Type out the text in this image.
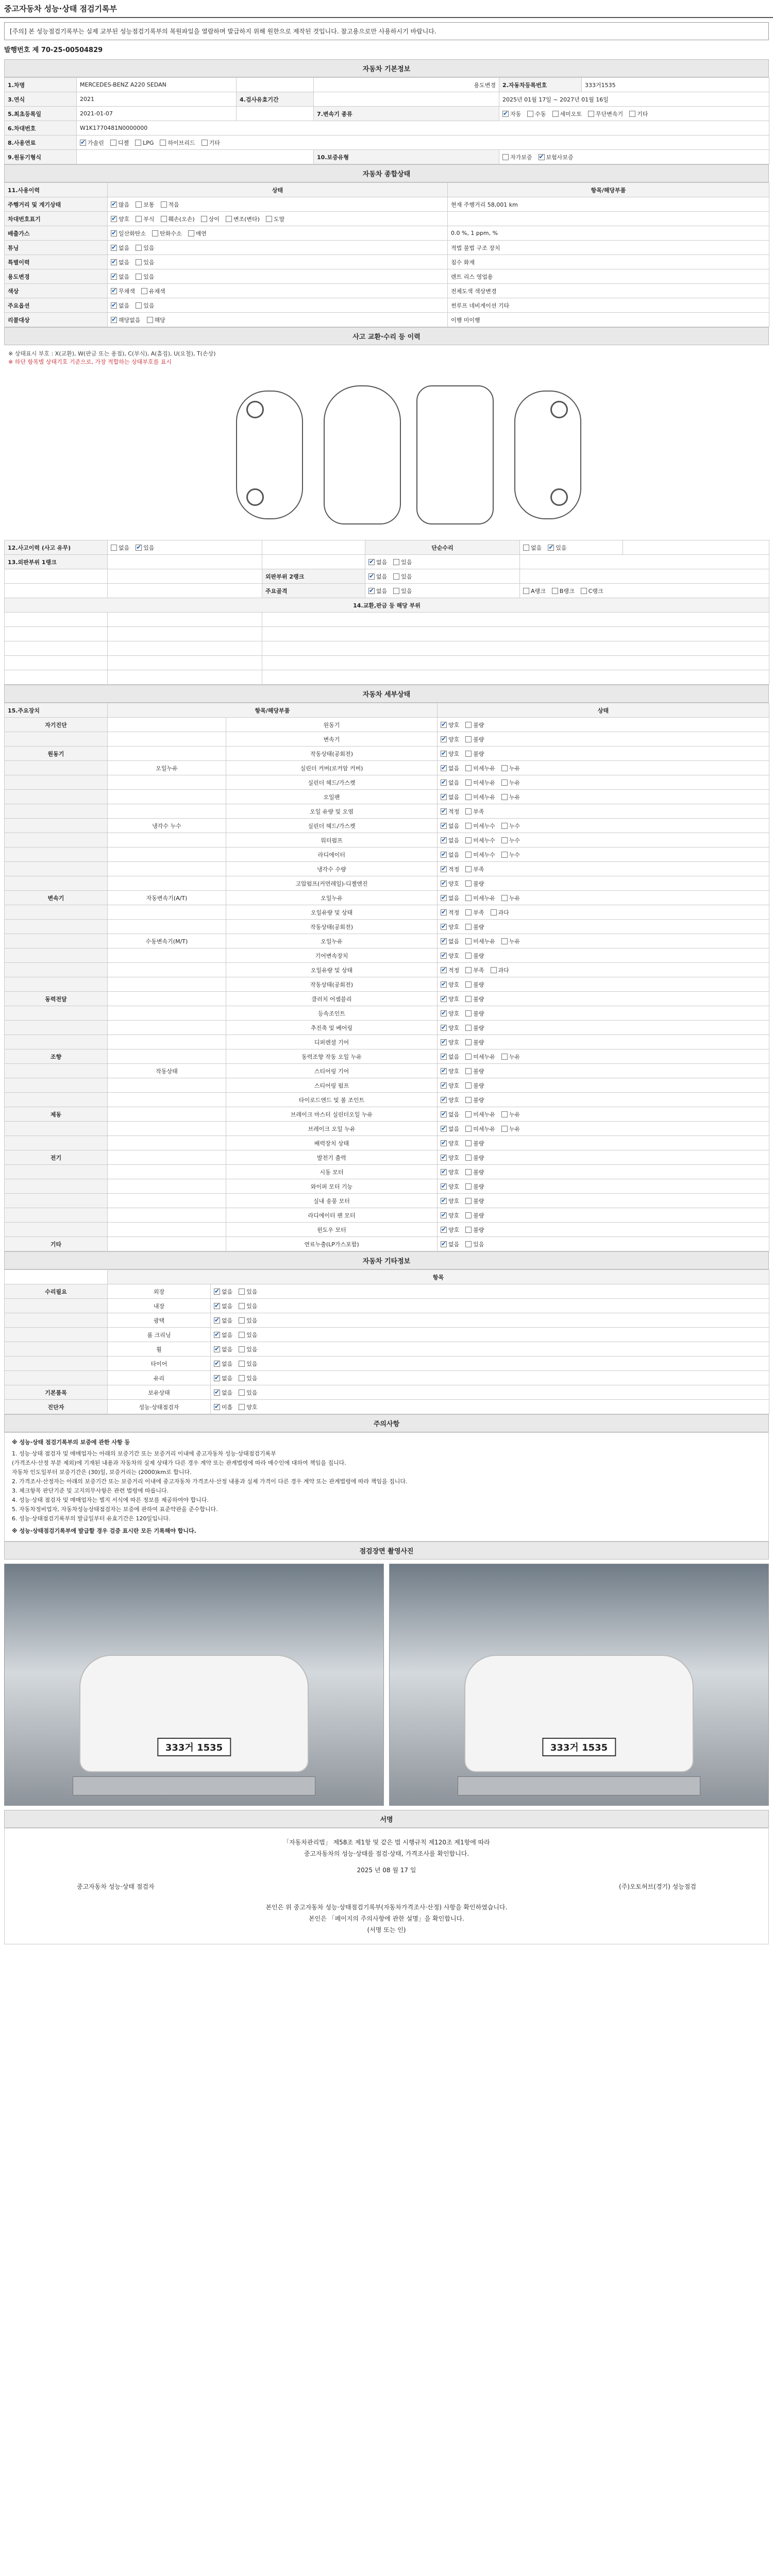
중고자동차 성능·상태 점검기록부
[주의] 본 성능점검기록부는 실제 교부된 성능점검기록부의 복원파일을 열람하며 발급하지 위해 원한으로 제작된 것입니다. 참고용으로만 사용하시기 바랍니다.
발행번호 제 70-25-00504829
자동차 기본정보
1.차명	MERCEDES-BENZ A220 SEDAN		용도변경	2.자동차등록번호	333거1535
3.연식	2021	4.검사유효기간		2025년 01월 17일 ~ 2027년 01월 16일	
5.최초등록일	2021-01-07		7.변속기 종류	✔자동 수동 세미오토 무단변속기 기타
6.차대번호	W1K1770481N0000000				
8.사용연료	✔가솔린 디젤 LPG 하이브리드 기타
9.원동기형식			10.보증유형	자가보증 ✔ 보험사보증
자동차 종합상태
11.사용이력	상태	항목/해당부품
주행거리 및 계기상태	✔많음 보통 적음	현재 주행거리 58,001 km
차대번호표기	✔양호 부식 훼손(오손) 상이 변조(변타) 도말	
배출가스	✔일산화탄소 탄화수소 매연	0.0 %, 1 ppm, %
튜닝	✔없음 있음	적법 불법 구조 장치
특별이력	✔없음 있음	침수 화재
용도변경	✔없음 있음	렌트 리스 영업용
색상	✔무채색 유채색	전체도색 색상변경
주요옵션	✔없음 있음	썬루프 네비게이션 기타
리콜대상	✔해당없음 해당	이행 미이행
사고 교환·수리 등 이력
※ 상태표시 부호 : X(교환), W(판금 또는 용접), C(부식), A(흠집), U(요철), T(손상)
※ 하단 항목별 상태기호 기준으로, 가장 적합하는 상태부호를 표시
12.사고이력 (사고 유무)	없음 ✔ 있음		단순수리	없음 ✔ 있음	
13.외판부위 1랭크			✔없음 있음	
		외판부위 2랭크	✔없음 있음	
		주요골격	✔없음 있음	A랭크 B랭크 C랭크	
14.교환,판금 등 해당 부위					

자동차 세부상태
15.주요장치	항목/해당부품		상태
자기진단		원동기	✔양호 불량
		변속기	✔양호 불량
원동기		작동상태(공회전)	✔양호 불량
	오일누유	실린더 커버(로커암 커버)	✔없음 미세누유 누유
		실린더 헤드/가스켓	✔없음 미세누유 누유
		오일팬	✔없음 미세누유 누유
		오일 유량 및 오염	✔적정 부족
	냉각수 누수	실린더 헤드/가스켓	✔없음 미세누수 누수
		워터펌프	✔없음 미세누수 누수
		라디에이터	✔없음 미세누수 누수
		냉각수 수량	✔적정 부족
		고압펌프(커먼레일)-디젤엔진	✔양호 불량
변속기	자동변속기(A/T)	오일누유	✔없음 미세누유 누유
		오일유량 및 상태	✔적정 부족 과다
		작동상태(공회전)	✔양호 불량
	수동변속기(M/T)	오일누유	✔없음 미세누유 누유
		기어변속장치	✔양호 불량
		오일유량 및 상태	✔적정 부족 과다
		작동상태(공회전)	✔양호 불량
동력전달		클러치 어셈블리	✔양호 불량
		등속조인트	✔양호 불량
		추진축 및 베어링	✔양호 불량
		디퍼렌셜 기어	✔양호 불량
조향		동력조향 작동 오일 누유	✔없음 미세누유 누유
	작동상태	스티어링 기어	✔양호 불량
		스티어링 펌프	✔양호 불량
		타이로드엔드 및 볼 조인트	✔양호 불량
제동		브레이크 마스터 실린더오일 누유	✔없음 미세누유 누유
		브레이크 오일 누유	✔없음 미세누유 누유
		배력장치 상태	✔양호 불량
전기		발전기 출력	✔양호 불량
		시동 모터	✔양호 불량
		와이퍼 모터 기능	✔양호 불량
		실내 송풍 모터	✔양호 불량
		라디에이터 팬 모터	✔양호 불량
		윈도우 모터	✔양호 불량
기타		연료누출(LP가스포함)	✔없음 있음
자동차 기타정보
	항목	
수리필요	외장	✔없음 있음
	내장	✔없음 있음
	광택	✔없음 있음
	룸 크리닝	✔없음 있음
	휠	✔없음 있음
	타이어	✔없음 있음
	유리	✔없음 있음
기본품목	보유상태	✔없음 있음
진단자	성능·상태점검자	✔미흡 양호
주의사항
※ 성능·상태 점검기록부의 보증에 관한 사항 등
1. 성능·상태 점검자 및 매매업자는 아래의 보증기간 또는 보증거리 이내에 중고자동차 성능·상태점검기록부
(가격조사·산정 부분 제외)에 기재된 내용과 자동차의 실제 상태가 다른 경우 계약 또는 관계법령에 따라 매수인에 대하여 책임을 집니다.
자동차 인도일부터 보증기간은 (30)일, 보증거리는 (2000)km로 합니다.
2. 가격조사·산정자는 아래의 보증기간 또는 보증거리 이내에 중고자동차 가격조사·산정 내용과 실제 가격이 다른 경우 계약 또는 관계법령에 따라 책임을 집니다.
3. 체크항목 판단기준 및 고지의무사항은 관련 법령에 따릅니다.
4. 성능·상태 점검자 및 매매업자는 별지 서식에 따른 정보를 제공하여야 합니다.
5. 자동차정비업자, 자동차성능상태점검자는 보증에 관하여 표준약관을 준수합니다.
6. 성능·상태점검기록부의 발급일부터 유효기간은 120일입니다.
※ 성능·상태점검기록부에 발급할 경우 검증 표시란 모든 기록해야 합니다.
점검장면 촬영사진
333거 1535	333거 1535
서명
「자동차관리법」 제58조 제1항 및 같은 법 시행규칙 제120조 제1항에 따라
중고자동차의 성능·상태를 점검·상태, 가격조사를 확인합니다.
2025 년 08 월 17 일
중고자동차 성능·상태 점검자	(주)오토허브(경기) 성능점검
본인은 위 중고자동차 성능·상태점검기록부(자동차가격조사·산정) 사항을 확인하였습니다.
본인은 「페이지의 주의사항에 관한 설명」을 확인합니다.
(서명 또는 인)
